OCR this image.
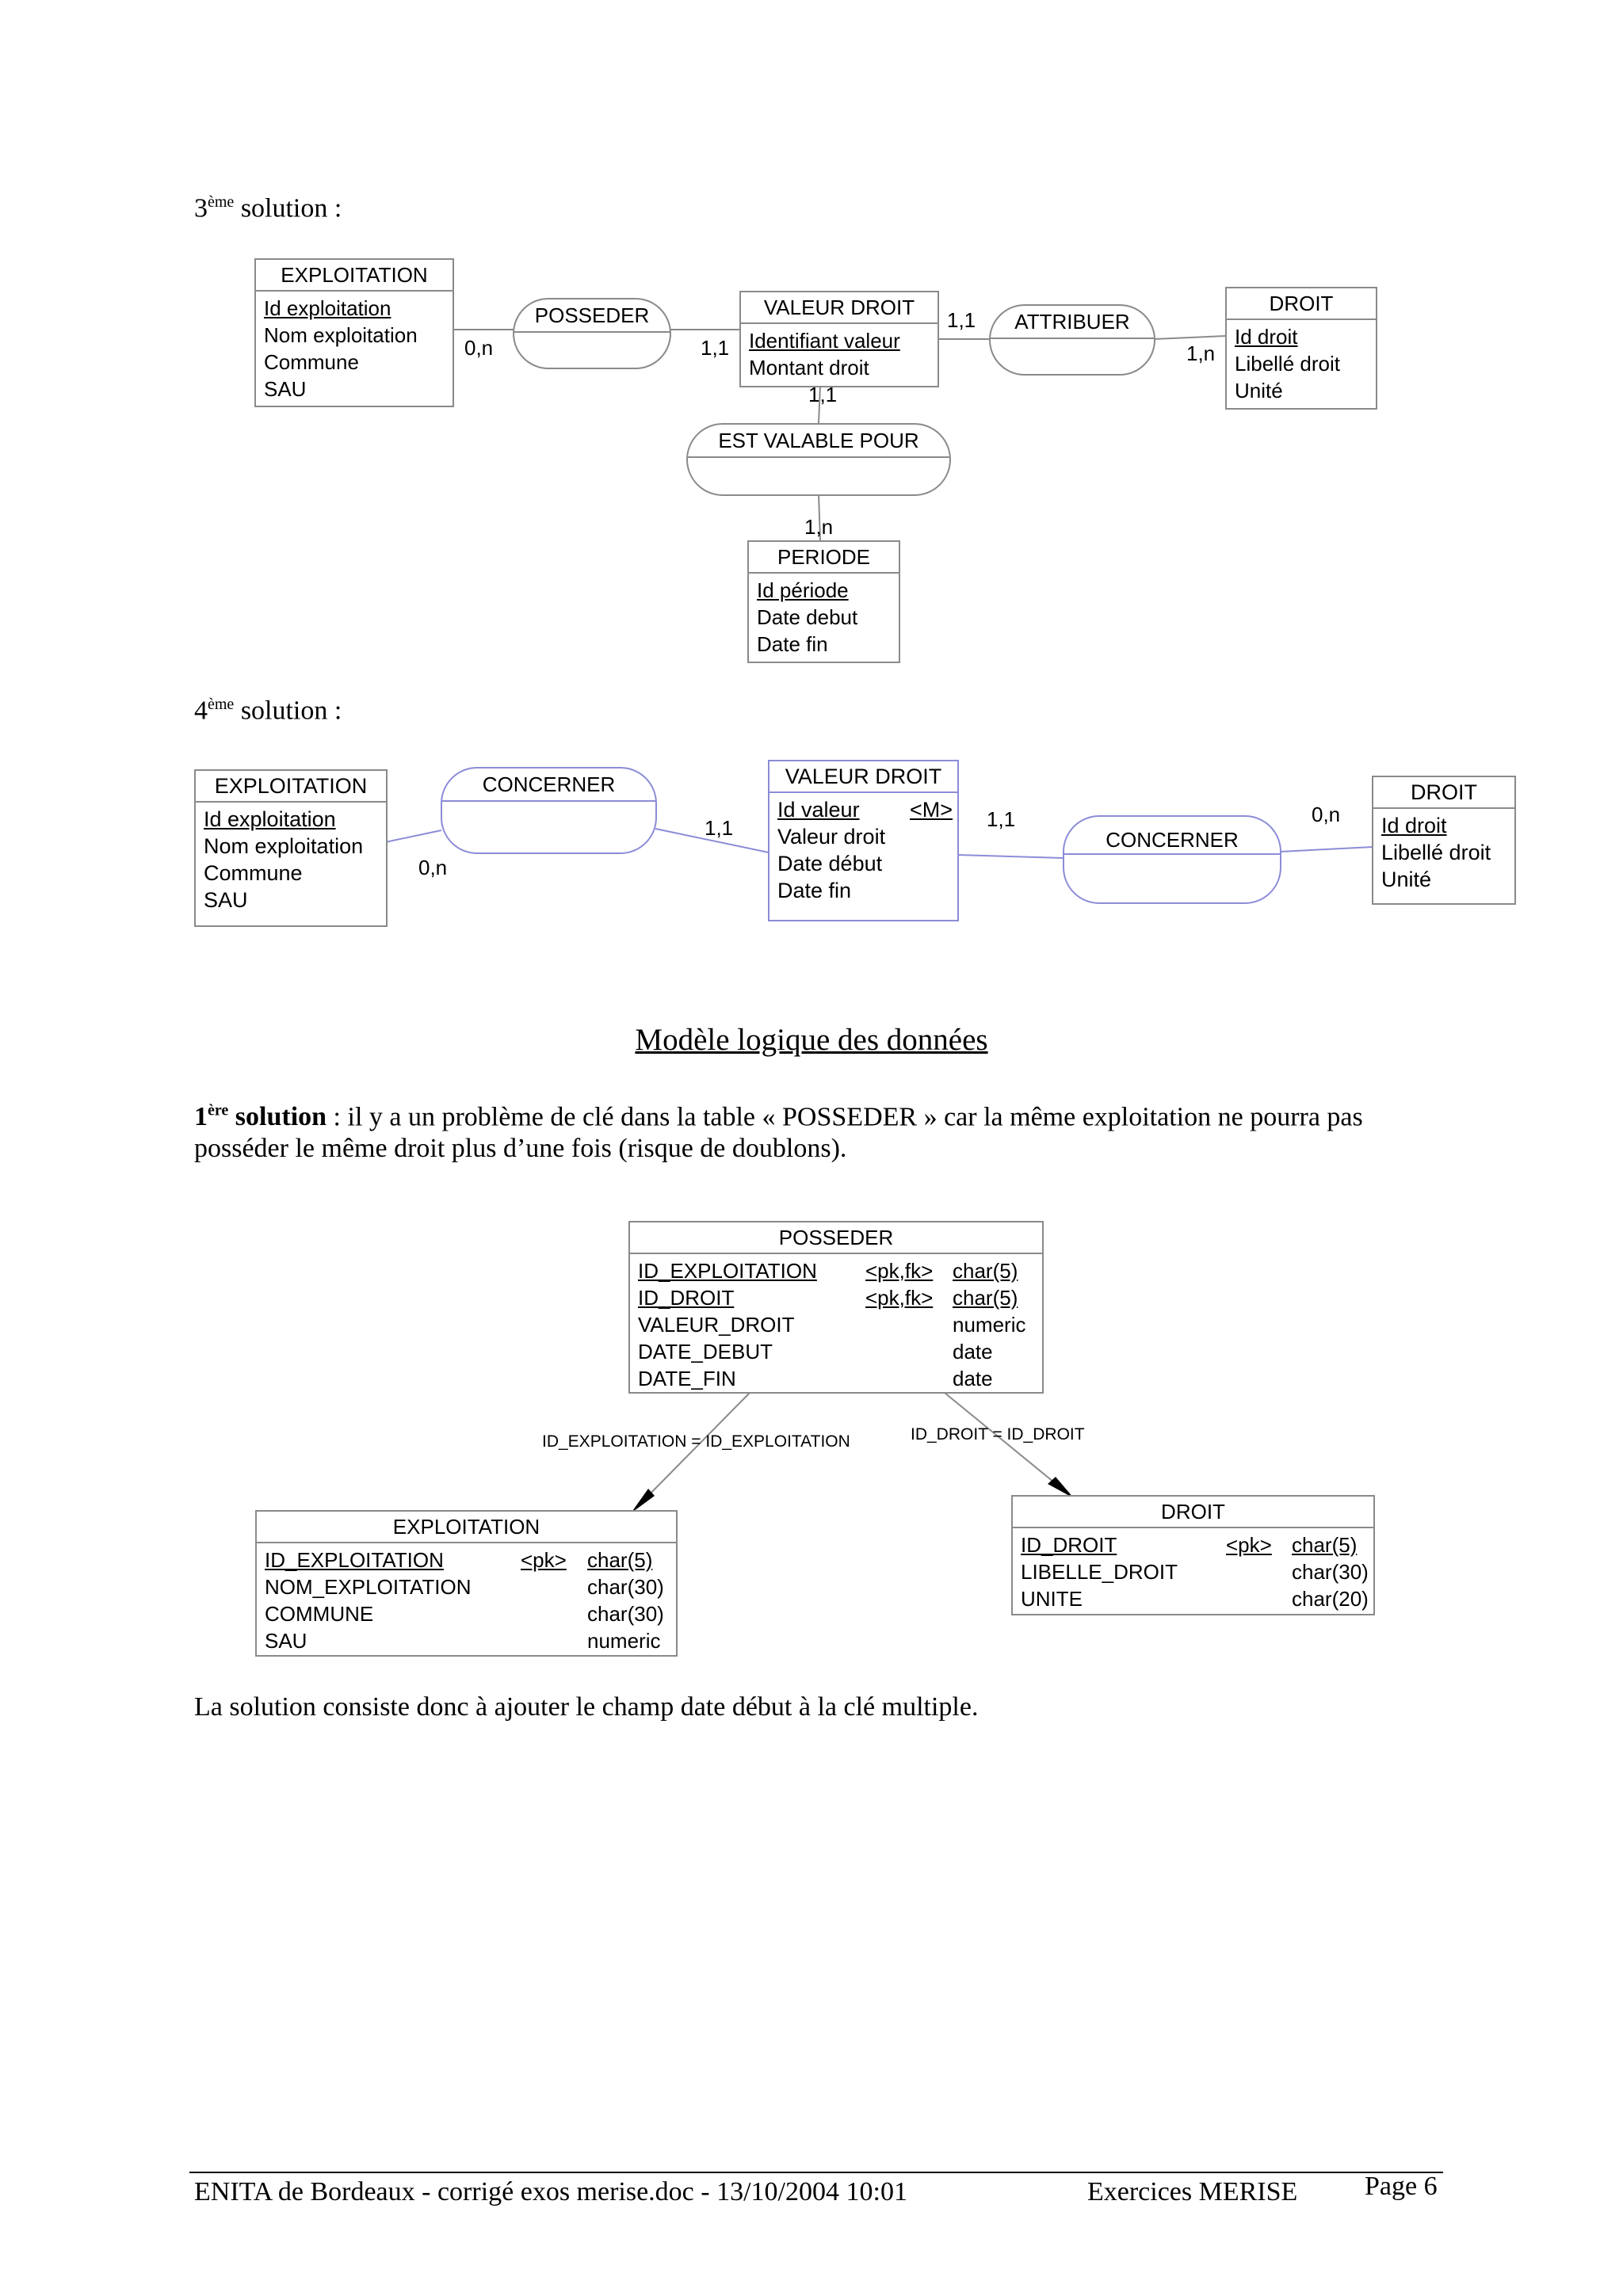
3ème solution :
EXPLOITATION
Id exploitation
Nom exploitation
Commune
SAU
POSSEDER	VALEUR DROIT
Identifiant valeur
Montant droit
ATTRIBUER
DROIT
Id droit
Libellé droit
Unité
EST VALABLE POUR
PERIODE
Id période
Date debut
Date fin
0,n	1,1
1,1
1,n
1,1
1,n
4ème solution :
EXPLOITATION
Id exploitation
Nom exploitation
Commune
SAU
CONCERNER	VALEUR DROIT
Id valeur
Valeur droit
Date début
Date fin
<M>
CONCERNER
DROIT
Id droit
Libellé droit
Unité
0,n
1,1	1,1	0,n
Modèle logique des données
1ère solution : il y a un problème de clé dans la table « POSSEDER » car la même exploitation ne pourra pas
posséder le même droit plus d’une fois (risque de doublons).
POSSEDER
ID_EXPLOITATION <pk,fk> char(5)
ID_DROIT	<pk,fk> char(5)
VALEUR_DROIT	numeric
DATE_DEBUT	date
DATE_FIN	date
ID_EXPLOITATION = ID_EXPLOITATION	ID_DROIT = ID_DROIT
EXPLOITATION
ID_EXPLOITATION	<pk> char(5)
NOM_EXPLOITATION	char(30)
COMMUNE	char(30)
SAU	numeric
DROIT
ID_DROIT	<pk> char(5)
LIBELLE_DROIT	char(30)
UNITE	char(20)
La solution consiste donc à ajouter le champ date début à la clé multiple.
ENITA de Bordeaux - corrigé exos merise.doc - 13/10/2004 10:01	Exercices MERISE Page 6
